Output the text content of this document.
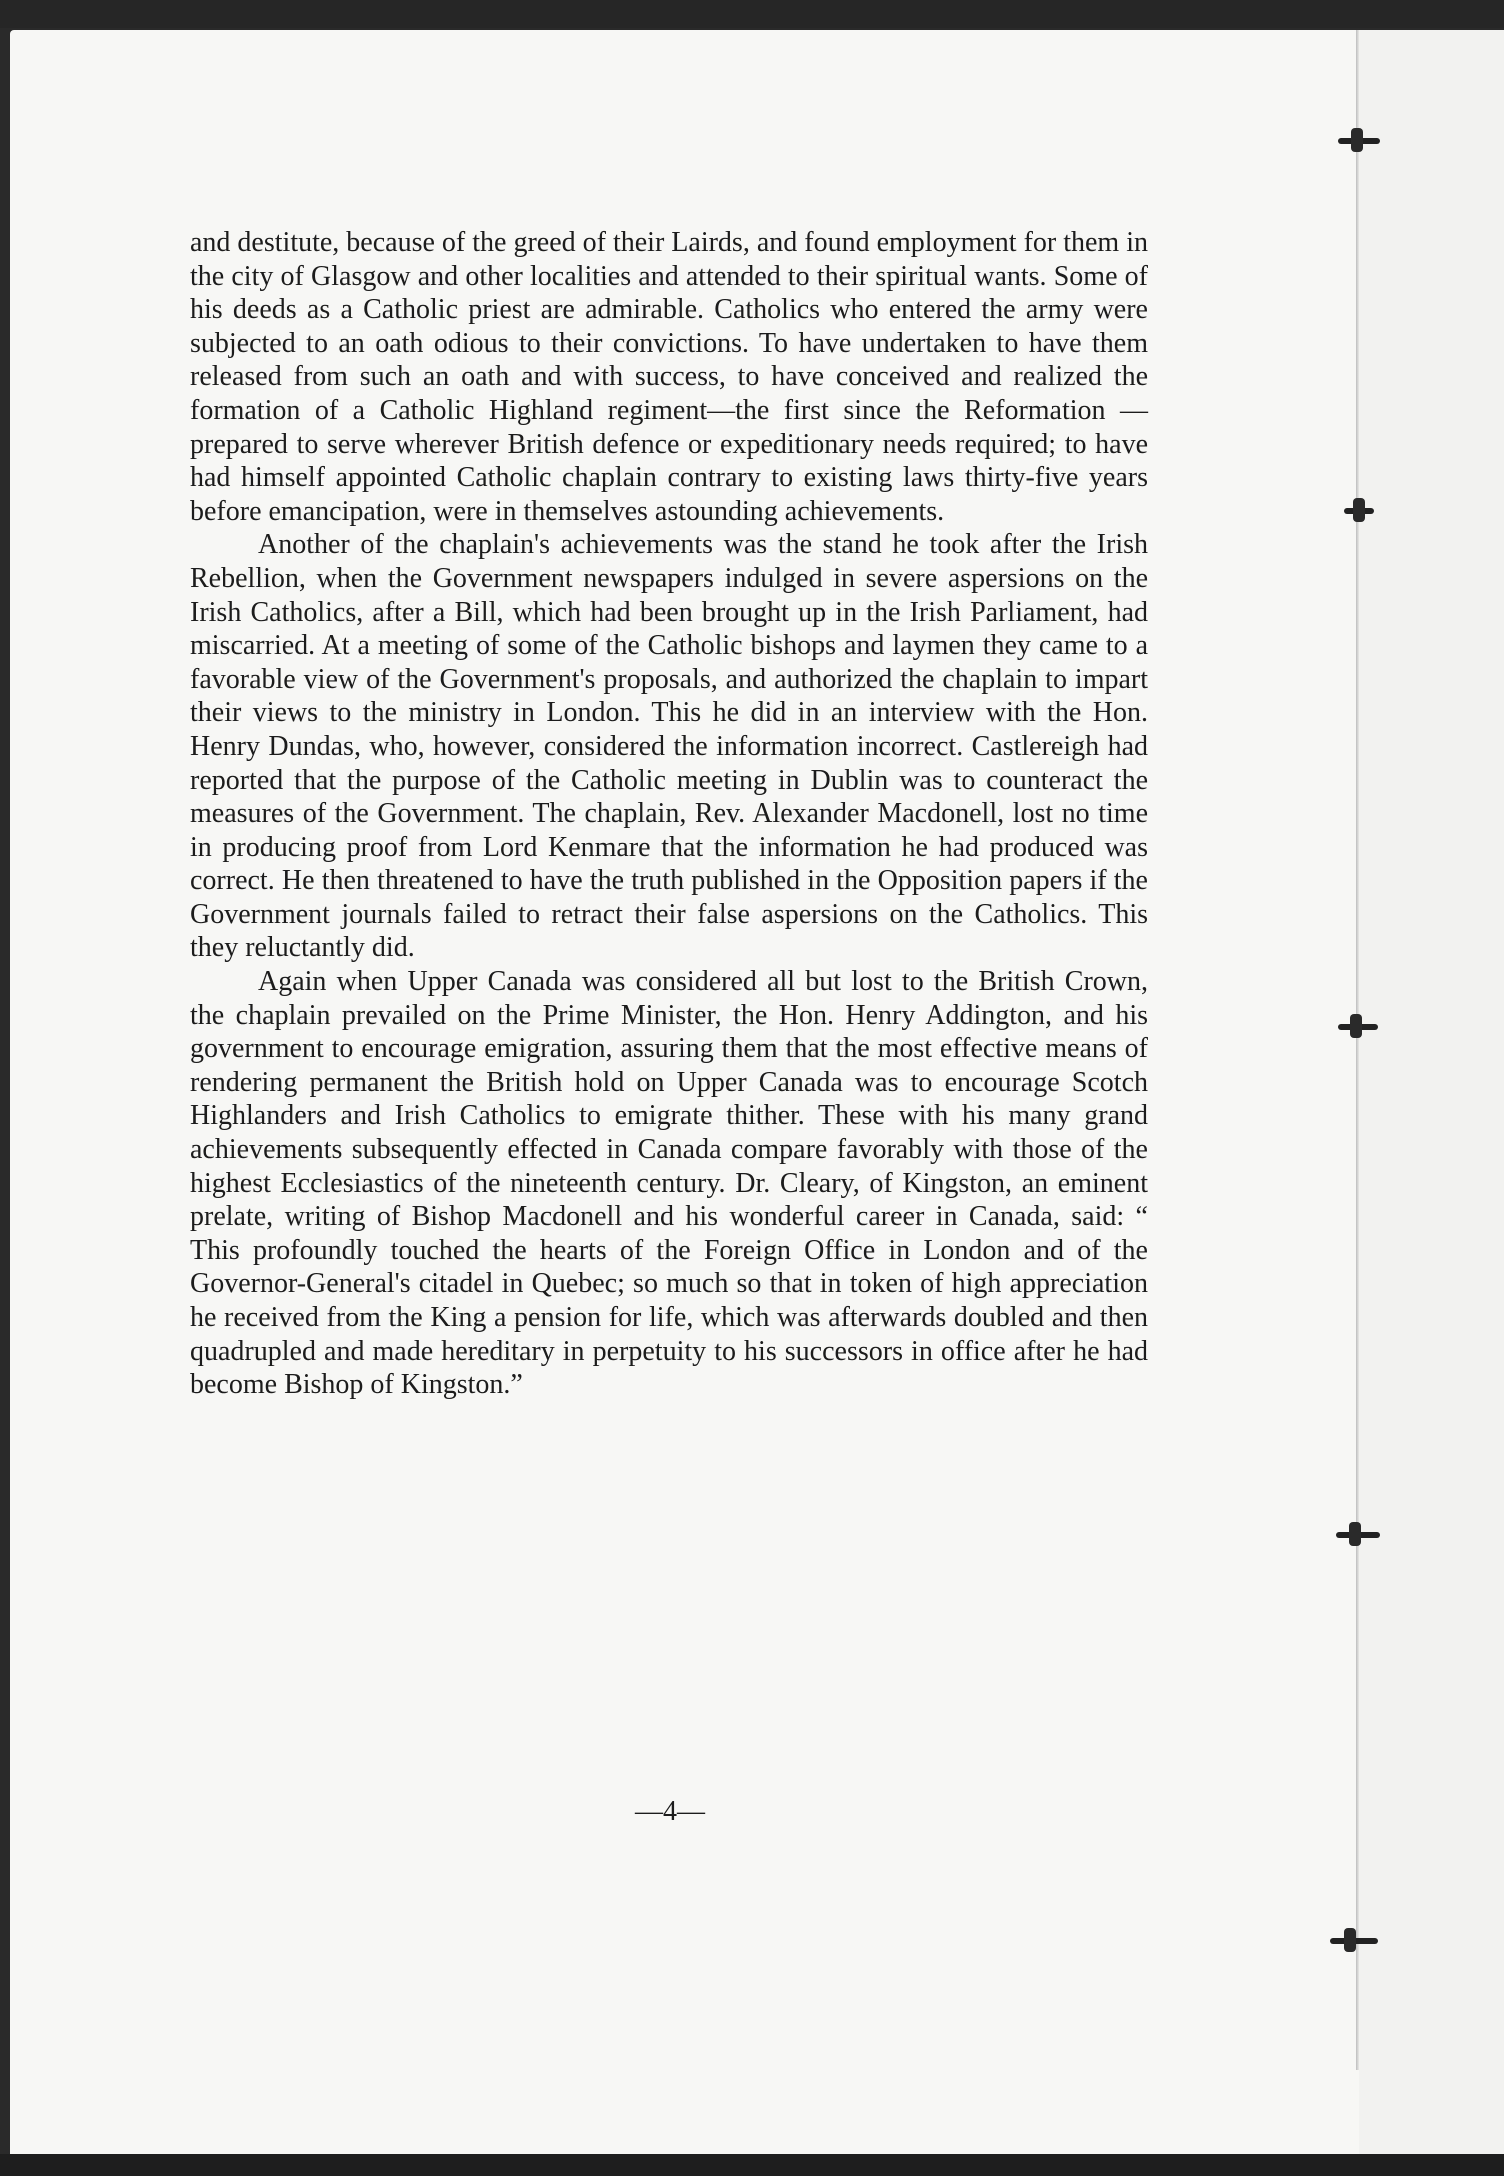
and destitute, because of the greed of their Lairds, and found employment for them in the city of Glasgow and other localities and attended to their spiritual wants. Some of his deeds as a Catholic priest are admirable. Catholics who entered the army were subjected to an oath odious to their convictions. To have undertaken to have them released from such an oath and with success, to have conceived and realized the formation of a Catholic Highland regiment—the first since the Reformation —prepared to serve wherever British defence or expeditionary needs required; to have had himself appointed Catholic chaplain contrary to existing laws thirty-five years before emancipation, were in themselves astounding achievements.

Another of the chaplain's achievements was the stand he took after the Irish Rebellion, when the Government newspapers indulged in severe aspersions on the Irish Catholics, after a Bill, which had been brought up in the Irish Parliament, had miscarried. At a meeting of some of the Catholic bishops and laymen they came to a favorable view of the Government's proposals, and authorized the chaplain to impart their views to the ministry in London. This he did in an interview with the Hon. Henry Dundas, who, however, considered the information incorrect. Castlereigh had reported that the purpose of the Catholic meeting in Dublin was to counteract the measures of the Government. The chaplain, Rev. Alexander Macdonell, lost no time in producing proof from Lord Kenmare that the information he had produced was correct. He then threatened to have the truth published in the Opposition papers if the Government journals failed to retract their false aspersions on the Catholics. This they reluctantly did.

Again when Upper Canada was considered all but lost to the British Crown, the chaplain prevailed on the Prime Minister, the Hon. Henry Addington, and his government to encourage emigration, assuring them that the most effective means of rendering permanent the British hold on Upper Canada was to encourage Scotch Highlanders and Irish Catholics to emigrate thither. These with his many grand achievements subsequently effected in Canada compare favorably with those of the highest Ecclesiastics of the nineteenth century. Dr. Cleary, of Kingston, an eminent prelate, writing of Bishop Macdonell and his wonderful career in Canada, said: “ This profoundly touched the hearts of the Foreign Office in London and of the Governor-General's citadel in Quebec; so much so that in token of high appreciation he received from the King a pension for life, which was afterwards doubled and then quadrupled and made hereditary in perpetuity to his successors in office after he had become Bishop of Kingston.”

—4—
